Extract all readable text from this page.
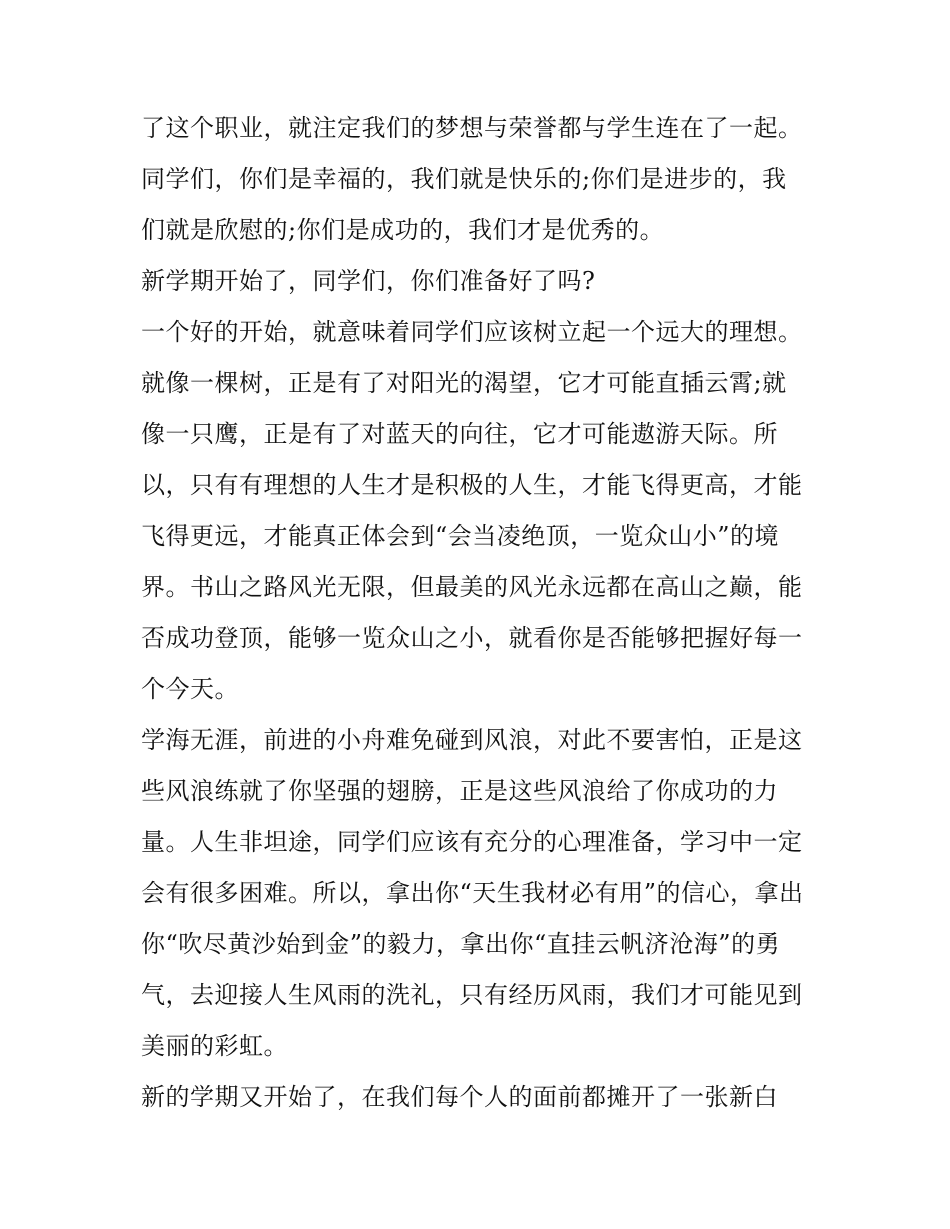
了这个职业，就注定我们的梦想与荣誉都与学生连在了一起。
同学们，你们是幸福的，我们就是快乐的;你们是进步的，我
们就是欣慰的;你们是成功的，我们才是优秀的。
新学期开始了，同学们，你们准备好了吗?
一个好的开始，就意味着同学们应该树立起一个远大的理想。
就像一棵树，正是有了对阳光的渴望，它才可能直插云霄;就
像一只鹰，正是有了对蓝天的向往，它才可能遨游天际。所
以，只有有理想的人生才是积极的人生，才能飞得更高，才能
飞得更远，才能真正体会到“会当凌绝顶，一览众山小”的境
界。书山之路风光无限，但最美的风光永远都在高山之巅，能
否成功登顶，能够一览众山之小，就看你是否能够把握好每一
个今天。
学海无涯，前进的小舟难免碰到风浪，对此不要害怕，正是这
些风浪练就了你坚强的翅膀，正是这些风浪给了你成功的力
量。人生非坦途，同学们应该有充分的心理准备，学习中一定
会有很多困难。所以，拿出你“天生我材必有用”的信心，拿出
你“吹尽黄沙始到金”的毅力，拿出你“直挂云帆济沧海”的勇
气，去迎接人生风雨的洗礼，只有经历风雨，我们才可能见到
美丽的彩虹。
新的学期又开始了，在我们每个人的面前都摊开了一张新白
